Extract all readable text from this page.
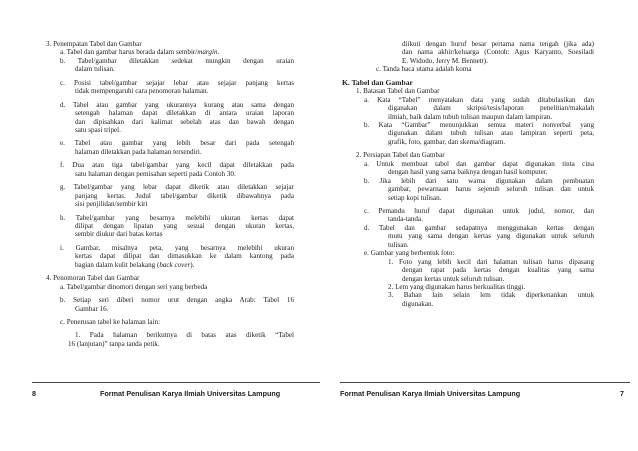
3. Penempatan Tabel dan Gambar
a. Tabel dan gambar harus berada dalam sembir/margin.
b. Tabel/gambar diletakkan sedekat mungkin dengan uraian
dalam tulisan.
c. Posisi tabel/gambar sejajar lebar atau sejajar panjang kertas
tidak mempengaruhi cara penomoran halaman.
d. Tabel atau gambar yang ukurannya kurang atau sama dengan
setengah halaman dapat diletakkan di antara uraian laporan
dan dipisahkan dari kalimat sebelah atas dan bawah dengan
satu spasi tripel.
e. Tabel atau gambar yang lebih besar dari pada setengah
halaman diletakkan pada halaman tersendiri.
f. Dua atau tiga tabel/gambar yang kecil dapat diletakkan pada
satu halaman dengan pemisahan seperti pada Contoh 30.
g. Tabel/gambar yang lebar dapat diketik atau diletakkan sejajar
panjang kertas. Judul tabel/gambar diketik dibawahnya pada
sisi penjilidan/sembir kiri
h. Tabel/gambar yang besarnya melebihi ukuran kertas dapat
dilipat dengan lipatan yang sesuai dengan ukuran kertas,
sembir diukur dari batas kertas
i. Gambar, misalnya peta, yang besarnya melebihi ukuran
kertas dapat dilipat dan dimasukkan ke dalam kantong pada
bagian dalam kulit belakang (back cover).
4. Penomoran Tabel dan Gambar
a. Tabel/gambar dinomori dengan seri yang berbeda
b. Setiap seri diberi nomor urut dengan angka Arab: Tabel 16
Gambar 16.
c. Penerusan tabel ke halaman lain:
1. Pada halaman berikutnya di batas atas diketik “Tabel
16 (lanjutan)” tanpa tanda petik.
8	Format Penulisan Karya Ilmiah Universitas Lampung
diikuti dengan huruf besar pertama nama tengah (jika ada)
dan nama akhir/keluarga (Contoh: Agus Karyanto, Soesiladi
E. Widodo, Jerry M. Bennett).
c. Tanda baca utama adalah koma
K. Tabel dan Gambar
1. Batasan Tabel dan Gambar
a. Kata “Tabel” menyatakan data yang sudah ditabulasikan dan
diganakan dalam skripsi/tesis/laporan penelitian/makalah
ilmiah, baik dalam tubuh tulisan maupun dalam lampiran.
b. Kata “Gambar” menunjukkan semua materi nonverbal yang
digunakan dalam tubuh tulisan atau lampiran seperti peta,
grafik, foto, gambar, dan skema/diagram.
2. Persiapan Tabel dan Gambar
a. Untuk membuat tabel dan gambar dapat digunakan tinta cina
dengan hasil yang sama baiknya dengan hasil komputer.
b. Jika lebih dari satu warna digunakan dalam pembuatan
gambar, pewarnaan harus sejenuh seluruh tulisan dan untuk
setiap kopi tulisan.
c. Pemandu huruf dapat digunakan untuk judul, nomor, dan
tanda-tanda.
d. Tabel dan gambar sedapatnya menggunakan kertas dengan
mutu yang sama dengan kertas yang digunakan untuk seluruh
tulisan.
e. Gambar yang berbentuk foto:
1. Foto yang lebih kecil dari halaman tulisan harus dipasang
dengan rapat pada kertas dengan kualitas yang sama
dengan kertas untuk seluruh tulisan.
2. Lem yang digunakan harus berkualitas tinggi.
3. Bahan lain selain lem tidak diperkenankan untuk
digunakan.
Format Penulisan Karya Ilmiah Universitas Lampung	7
